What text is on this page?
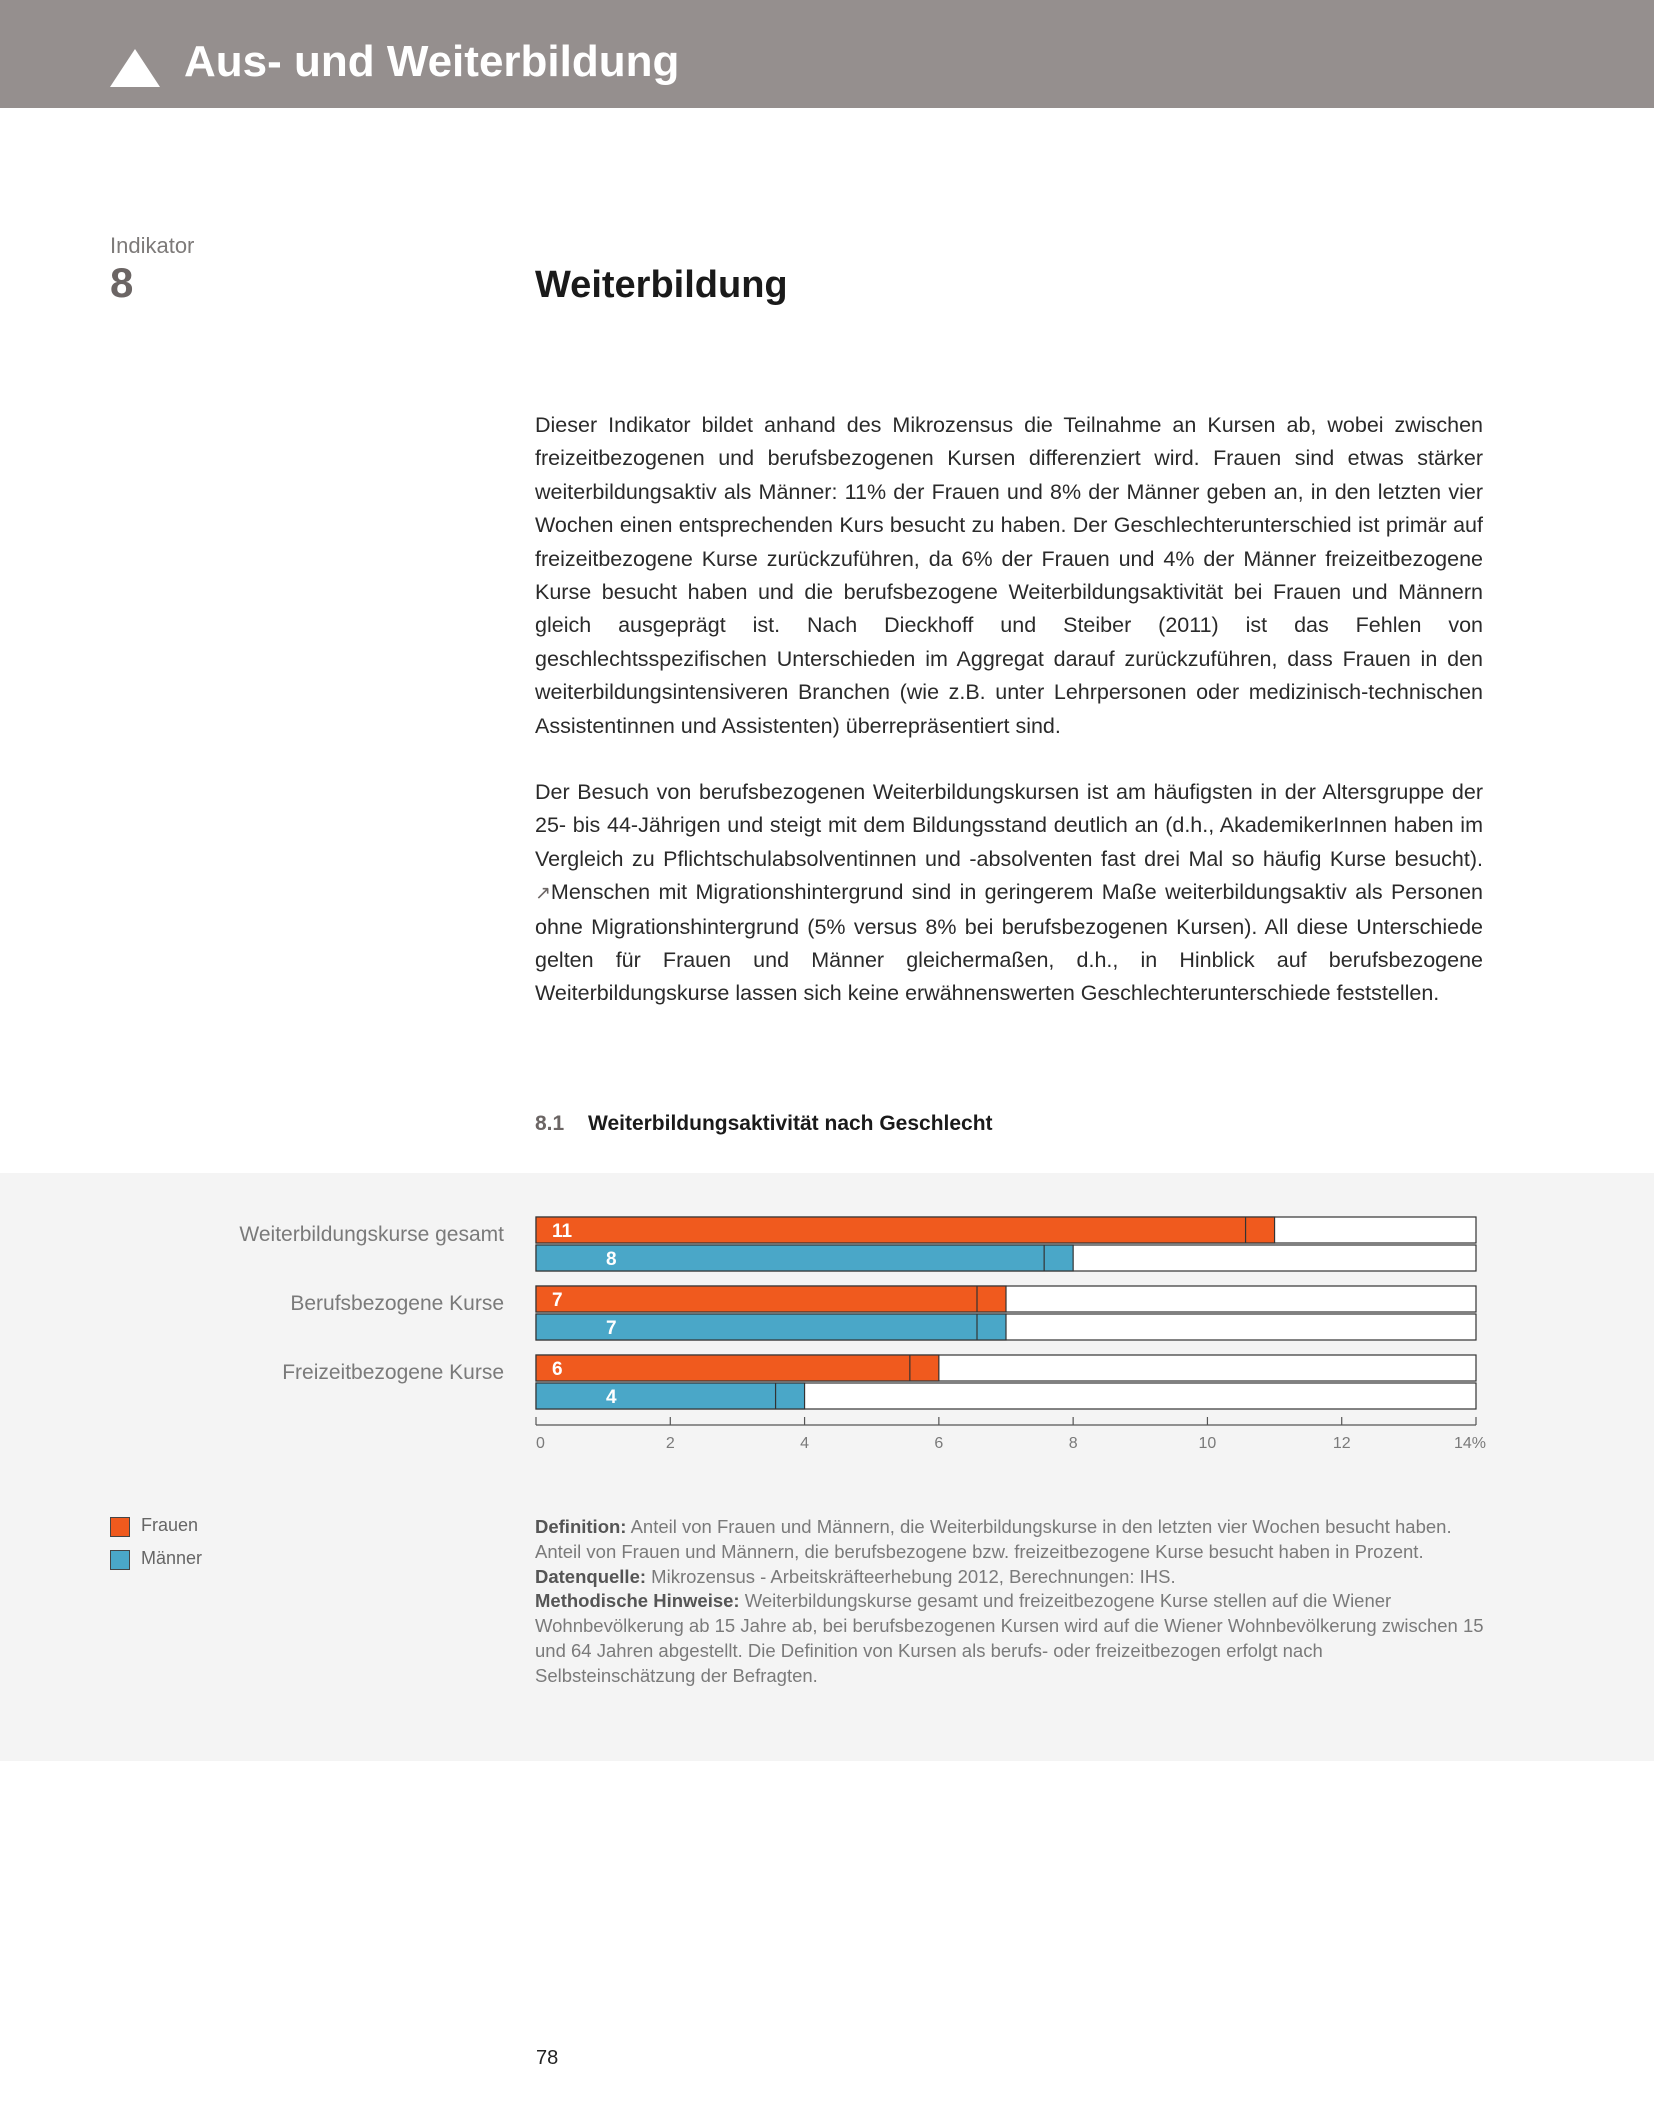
Aus- und Weiterbildung
Indikator
8	Weiterbildung

Dieser Indikator bildet anhand des Mikrozensus die Teilnahme an Kursen ab, wobei zwischen freizeitbezogenen und berufsbezogenen Kursen differenziert wird. Frauen sind etwas stärker weiterbildungsaktiv als Männer: 11% der Frauen und 8% der Männer geben an, in den letzten vier Wochen einen entsprechenden Kurs besucht zu haben. Der Geschlechterunterschied ist primär auf freizeitbezogene Kurse zurückzuführen, da 6% der Frauen und 4% der Männer freizeitbezogene Kurse besucht haben und die berufsbezogene Weiterbildungsaktivität bei Frauen und Männern gleich ausgeprägt ist. Nach Dieckhoff und Steiber (2011) ist das Fehlen von geschlechtsspezifischen Unterschieden im Aggregat darauf zurückzuführen, dass Frauen in den weiterbildungsintensiveren Branchen (wie z.B. unter Lehrpersonen oder medizinisch-technischen Assistentinnen und Assistenten) überrepräsentiert sind.

Der Besuch von berufsbezogenen Weiterbildungskursen ist am häufigsten in der Altersgruppe der 25- bis 44-Jährigen und steigt mit dem Bildungsstand deutlich an (d.h., AkademikerInnen haben im Vergleich zu Pflichtschulabsolventinnen und -absolventen fast drei Mal so häufig Kurse besucht). ↗Menschen mit Migrationshintergrund sind in geringerem Maße weiterbildungsaktiv als Personen ohne Migrationshintergrund (5% versus 8% bei berufsbezogenen Kursen). All diese Unterschiede gelten für Frauen und Männer gleichermaßen, d.h., in Hinblick auf berufsbezogene Weiterbildungskurse lassen sich keine erwähnenswerten Geschlechterunterschiede feststellen.

8.1 Weiterbildungsaktivität nach Geschlecht
Weiterbildungskurse gesamt	11
8
Berufsbezogene Kurse	7
7
Freizeitbezogene Kurse	6
4
0	2	4	6	8	10	12	14%
Frauen
Männer

Definition: Anteil von Frauen und Männern, die Weiterbildungskurse in den letzten vier Wochen besucht haben. Anteil von Frauen und Männern, die berufsbezogene bzw. freizeitbezogene Kurse besucht haben in Prozent.
Datenquelle: Mikrozensus - Arbeitskräfteerhebung 2012, Berechnungen: IHS.
Methodische Hinweise: Weiterbildungskurse gesamt und freizeitbezogene Kurse stellen auf die Wiener Wohnbevölkerung ab 15 Jahre ab, bei berufsbezogenen Kursen wird auf die Wiener Wohnbevölkerung zwischen 15 und 64 Jahren abgestellt. Die Definition von Kursen als berufs- oder freizeitbezogen erfolgt nach Selbsteinschätzung der Befragten.

78
